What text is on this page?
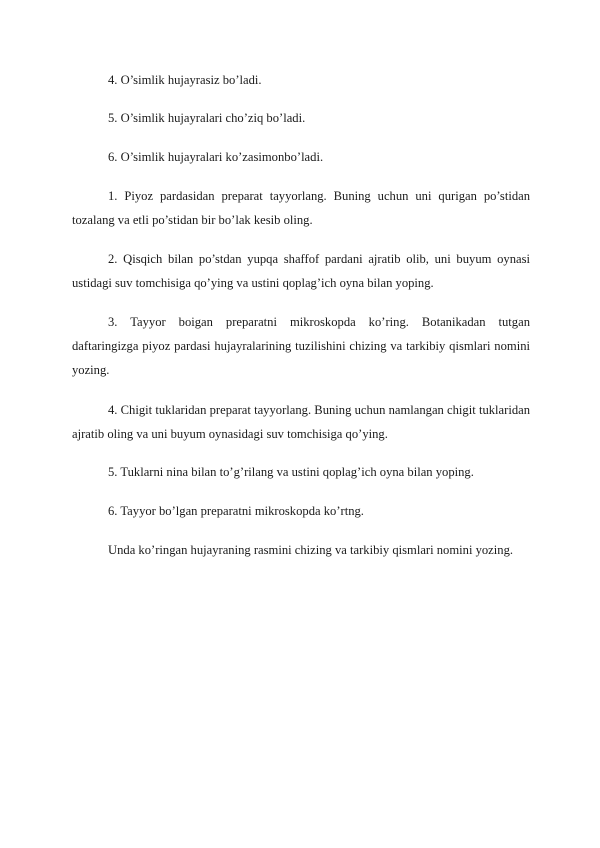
4. O’simlik hujayrasiz bo’ladi.

5. O’simlik hujayralari cho’ziq bo’ladi.

6. O’simlik hujayralari ko’zasimonbo’ladi.

1. Piyoz pardasidan preparat tayyorlang. Buning uchun uni qurigan po’stidan tozalang va etli po’stidan bir bo’lak kesib oling.

2. Qisqich bilan po’stdan yupqa shaffof pardani ajratib olib, uni buyum oynasi ustidagi suv tomchisiga qo’ying va ustini qoplag’ich oyna bilan yoping.

3. Tayyor boigan preparatni mikroskopda ko’ring. Botanikadan tutgan daftaringizga piyoz pardasi hujayralarining tuzilishini chizing va tarkibiy qismlari nomini yozing.

4. Chigit tuklaridan preparat tayyorlang. Buning uchun namlangan chigit tuklaridan ajratib oling va uni buyum oynasidagi suv tomchisiga qo’ying.

5. Tuklarni nina bilan to’g’rilang va ustini qoplag’ich oyna bilan yoping.

6. Tayyor bo’lgan preparatni mikroskopda ko’rtng.

Unda ko’ringan hujayraning rasmini chizing va tarkibiy qismlari nomini yozing.
